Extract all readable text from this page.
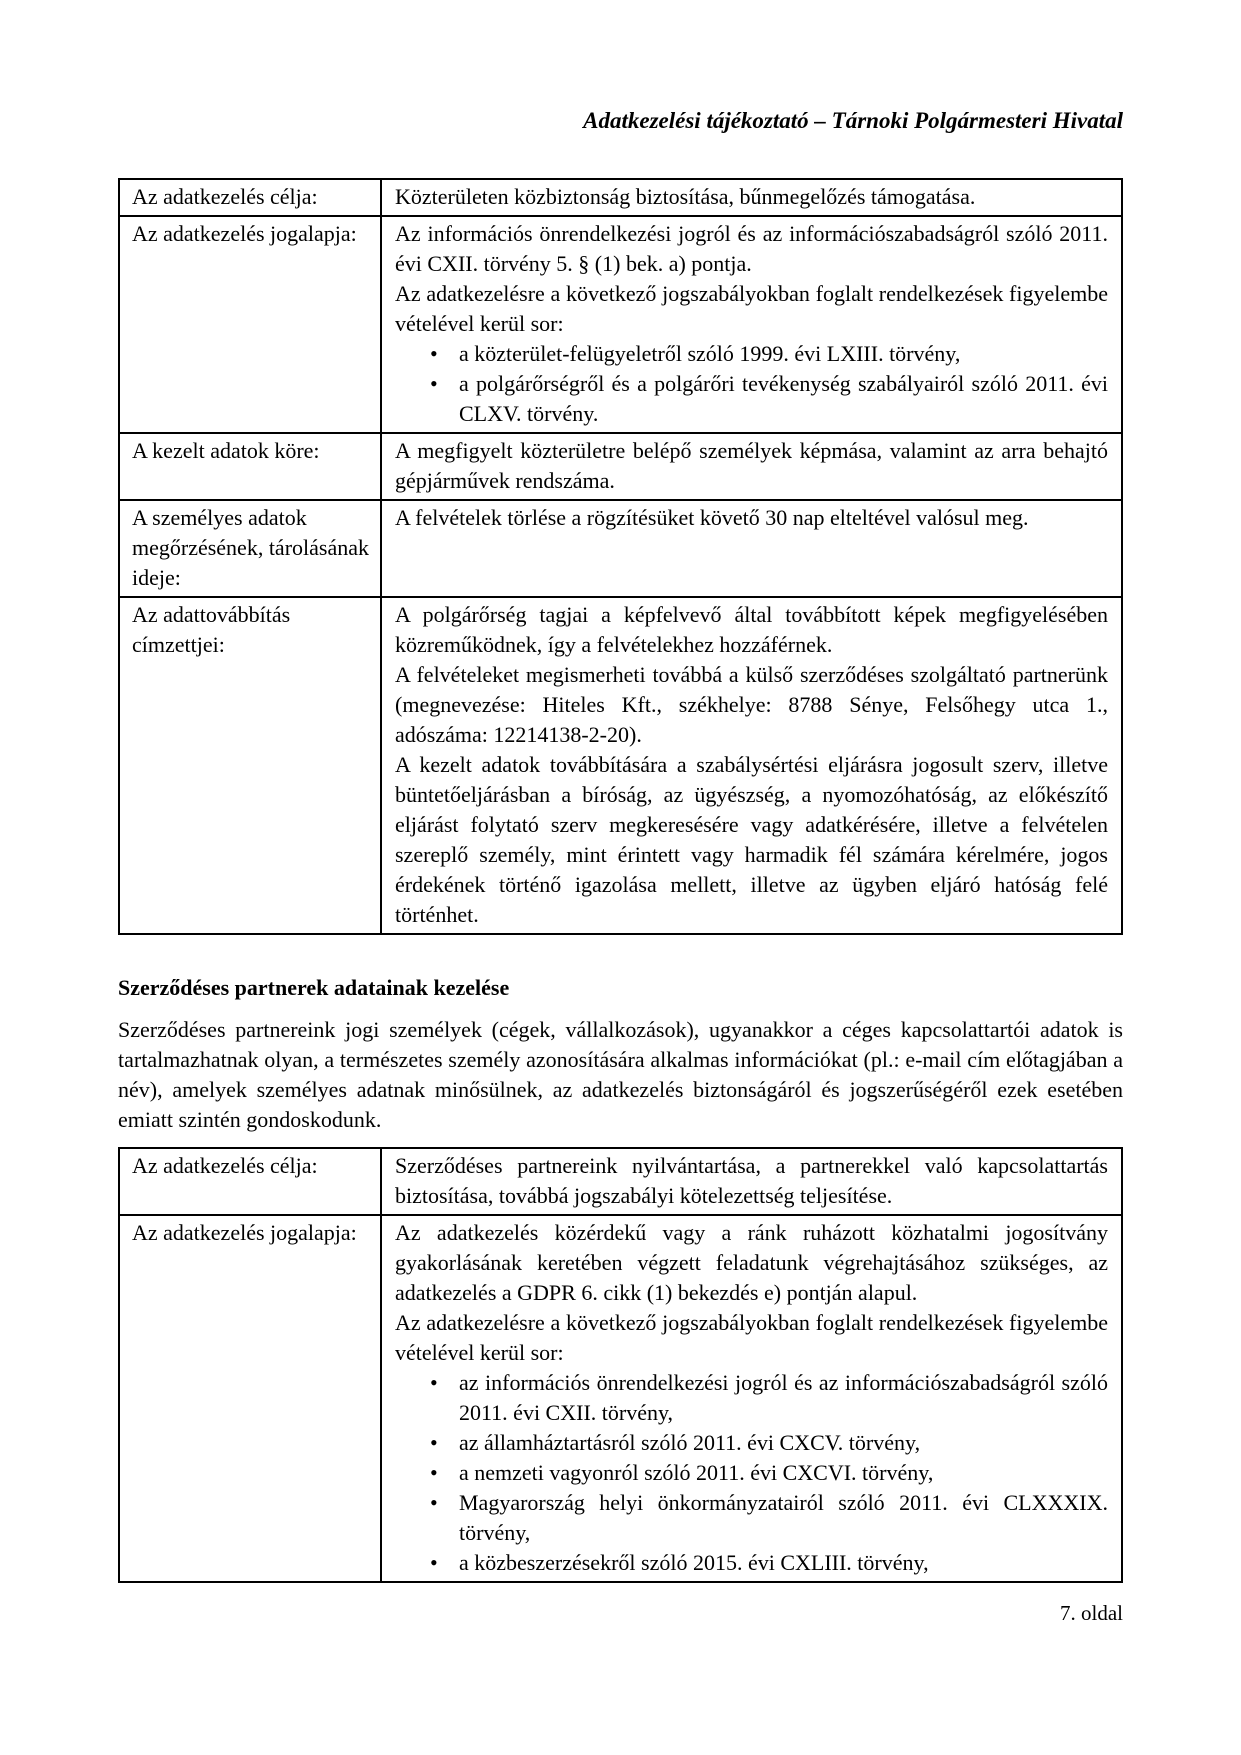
Adatkezelési tájékoztató – Tárnoki Polgármesteri Hivatal

Az adatkezelés célja:	Közterületen közbiztonság biztosítása, bűnmegelőzés támogatása.

Az adatkezelés jogalapja:	Az információs önrendelkezési jogról és az információszabadságról szóló 2011. évi CXII. törvény 5. § (1) bek. a) pontja.

Az adatkezelésre a következő jogszabályokban foglalt rendelkezések figyelembe vételével kerül sor:

• a közterület-felügyeletről szóló 1999. évi LXIII. törvény,
• a polgárőrségről és a polgárőri tevékenység szabályairól szóló 2011. évi CLXV. törvény.

A kezelt adatok köre:	A megfigyelt közterületre belépő személyek képmása, valamint az arra behajtó gépjárművek rendszáma.

A személyes adatok megőrzésének, tárolásának ideje:	A felvételek törlése a rögzítésüket követő 30 nap elteltével valósul meg.

Az adattovábbítás címzettjei:	A polgárőrség tagjai a képfelvevő által továbbított képek megfigyelésében közreműködnek, így a felvételekhez hozzáférnek.

A felvételeket megismerheti továbbá a külső szerződéses szolgáltató partnerünk (megnevezése: Hiteles Kft., székhelye: 8788 Sénye, Felsőhegy utca 1., adószáma: 12214138-2-20).

A kezelt adatok továbbítására a szabálysértési eljárásra jogosult szerv, illetve büntetőeljárásban a bíróság, az ügyészség, a nyomozóhatóság, az előkészítő eljárást folytató szerv megkeresésére vagy adatkérésére, illetve a felvételen szereplő személy, mint érintett vagy harmadik fél számára kérelmére, jogos érdekének történő igazolása mellett, illetve az ügyben eljáró hatóság felé történhet.

Szerződéses partnerek adatainak kezelése

Szerződéses partnereink jogi személyek (cégek, vállalkozások), ugyanakkor a céges kapcsolattartói adatok is tartalmazhatnak olyan, a természetes személy azonosítására alkalmas információkat (pl.: e-mail cím előtagjában a név), amelyek személyes adatnak minősülnek, az adatkezelés biztonságáról és jogszerűségéről ezek esetében emiatt szintén gondoskodunk.

Az adatkezelés célja:	Szerződéses partnereink nyilvántartása, a partnerekkel való kapcsolattartás biztosítása, továbbá jogszabályi kötelezettség teljesítése.

Az adatkezelés jogalapja:	Az adatkezelés közérdekű vagy a ránk ruházott közhatalmi jogosítvány gyakorlásának keretében végzett feladatunk végrehajtásához szükséges, az adatkezelés a GDPR 6. cikk (1) bekezdés e) pontján alapul.

Az adatkezelésre a következő jogszabályokban foglalt rendelkezések figyelembe vételével kerül sor:

• az információs önrendelkezési jogról és az információszabadságról szóló 2011. évi CXII. törvény,
• az államháztartásról szóló 2011. évi CXCV. törvény,
• a nemzeti vagyonról szóló 2011. évi CXCVI. törvény,
• Magyarország helyi önkormányzatairól szóló 2011. évi CLXXXIX. törvény,
• a közbeszerzésekről szóló 2015. évi CXLIII. törvény,
7. oldal
